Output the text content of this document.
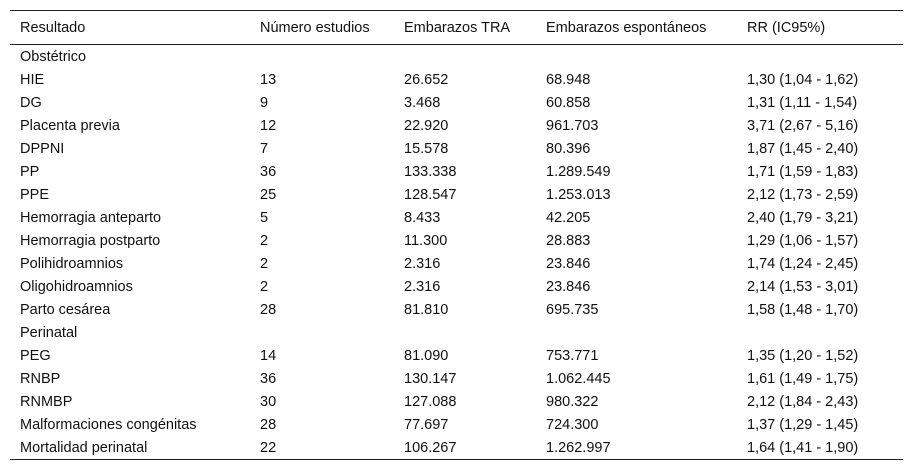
Resultado	Número estudios	Embarazos TRA	Embarazos espontáneos	RR (IC95%)
Obstétrico				
HIE	13	26.652	68.948	1,30 (1,04 - 1,62)
DG	9	3.468	60.858	1,31 (1,11 - 1,54)
Placenta previa	12	22.920	961.703	3,71 (2,67 - 5,16)
DPPNI	7	15.578	80.396	1,87 (1,45 - 2,40)
PP	36	133.338	1.289.549	1,71 (1,59 - 1,83)
PPE	25	128.547	1.253.013	2,12 (1,73 - 2,59)
Hemorragia anteparto	5	8.433	42.205	2,40 (1,79 - 3,21)
Hemorragia postparto	2	11.300	28.883	1,29 (1,06 - 1,57)
Polihidroamnios	2	2.316	23.846	1,74 (1,24 - 2,45)
Oligohidroamnios	2	2.316	23.846	2,14 (1,53 - 3,01)
Parto cesárea	28	81.810	695.735	1,58 (1,48 - 1,70)
Perinatal				
PEG	14	81.090	753.771	1,35 (1,20 - 1,52)
RNBP	36	130.147	1.062.445	1,61 (1,49 - 1,75)
RNMBP	30	127.088	980.322	2,12 (1,84 - 2,43)
Malformaciones congénitas	28	77.697	724.300	1,37 (1,29 - 1,45)
Mortalidad perinatal	22	106.267	1.262.997	1,64 (1,41 - 1,90)
